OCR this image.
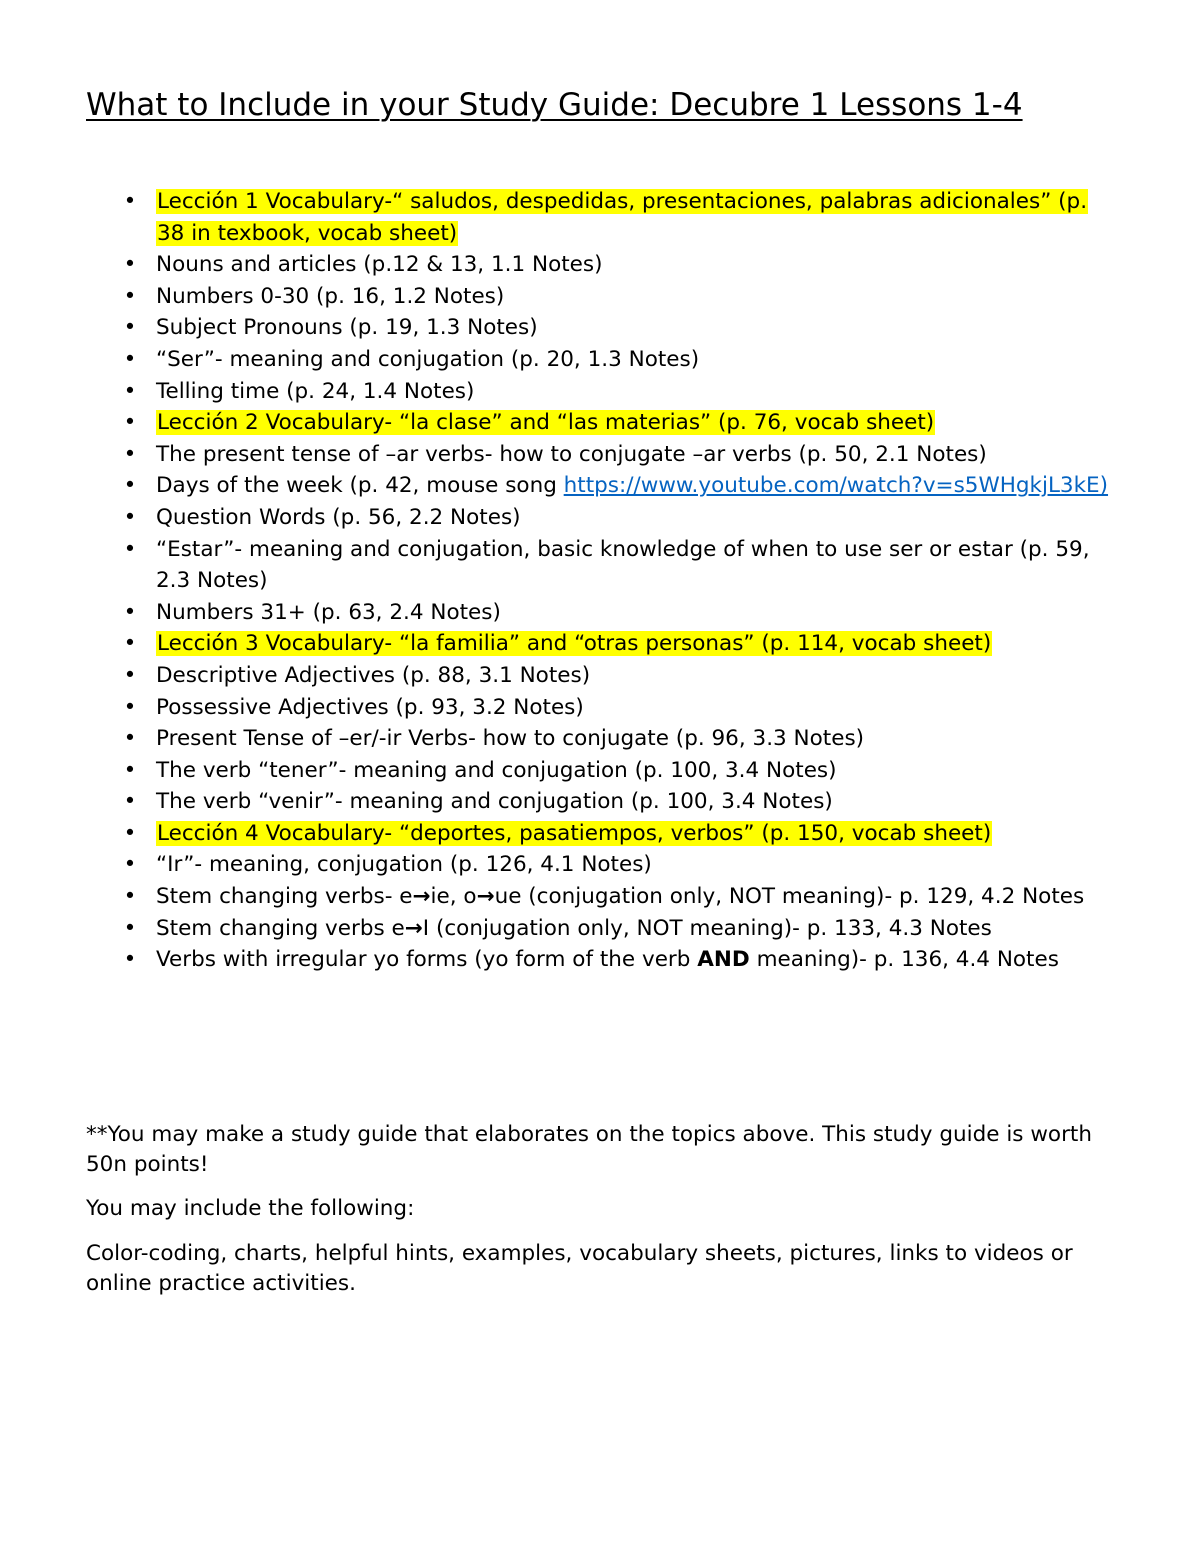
What to Include in your Study Guide: Decubre 1 Lessons 1-4
• Lección 1 Vocabulary-“ saludos, despedidas, presentaciones, palabras adicionales” (p. 38 in texbook, vocab sheet)
• Nouns and articles (p.12 & 13, 1.1 Notes)
• Numbers 0-30 (p. 16, 1.2 Notes)
• Subject Pronouns (p. 19, 1.3 Notes)
• “Ser”- meaning and conjugation (p. 20, 1.3 Notes)
• Telling time (p. 24, 1.4 Notes)
• Lección 2 Vocabulary- “la clase” and “las materias” (p. 76, vocab sheet)
• The present tense of –ar verbs- how to conjugate –ar verbs (p. 50, 2.1 Notes)
• Days of the week (p. 42, mouse song https://www.youtube.com/watch?v=s5WHgkjL3kE)
• Question Words (p. 56, 2.2 Notes)
• “Estar”- meaning and conjugation, basic knowledge of when to use ser or estar (p. 59, 2.3 Notes)
• Numbers 31+ (p. 63, 2.4 Notes)
• Lección 3 Vocabulary- “la familia” and “otras personas” (p. 114, vocab sheet)
• Descriptive Adjectives (p. 88, 3.1 Notes)
• Possessive Adjectives (p. 93, 3.2 Notes)
• Present Tense of –er/-ir Verbs- how to conjugate (p. 96, 3.3 Notes)
• The verb “tener”- meaning and conjugation (p. 100, 3.4 Notes)
• The verb “venir”- meaning and conjugation (p. 100, 3.4 Notes)
• Lección 4 Vocabulary- “deportes, pasatiempos, verbos” (p. 150, vocab sheet)
• “Ir”- meaning, conjugation (p. 126, 4.1 Notes)
• Stem changing verbs- e→ie, o→ue (conjugation only, NOT meaning)- p. 129, 4.2 Notes
• Stem changing verbs e→I (conjugation only, NOT meaning)- p. 133, 4.3 Notes
• Verbs with irregular yo forms (yo form of the verb AND meaning)- p. 136, 4.4 Notes

**You may make a study guide that elaborates on the topics above. This study guide is worth 50n points!

You may include the following:

Color-coding, charts, helpful hints, examples, vocabulary sheets, pictures, links to videos or online practice activities.
